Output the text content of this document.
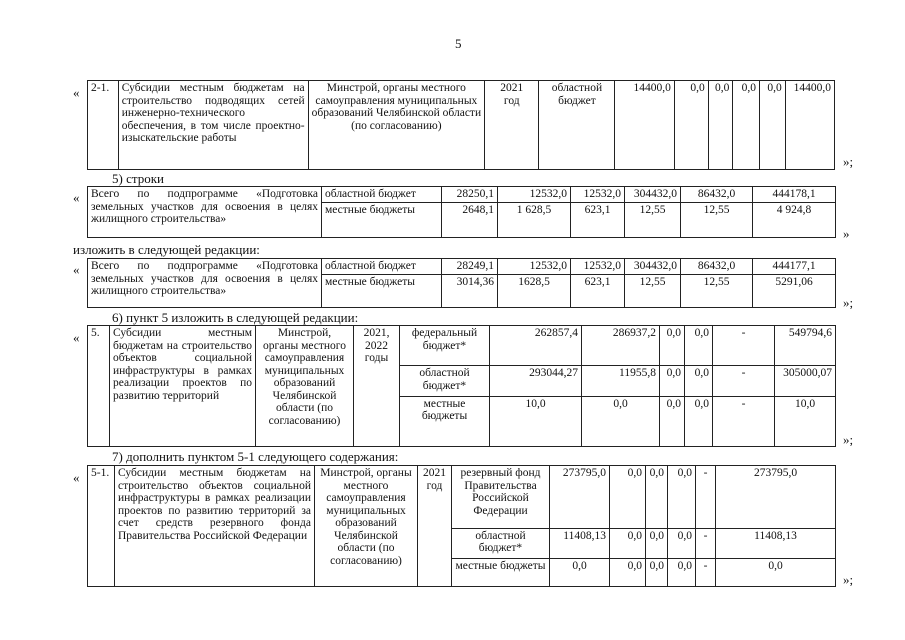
5
« 2-1.	Субсидии местным бюджетам на строительство подводящих сетей инженерно-технического обеспечения, в том числе проектно-изыскательские работы	Минстрой, органы местного самоуправления муниципальных образований Челябинской области (по согласованию)	2021
год	областной бюджет	14400,0	0,0	0,0	0,0	0,0	14400,0
»;
5) строки
« Всего по подпрограмме «Подготовка земельных участков для освоения в целях жилищного строительства»	областной бюджет	28250,1	12532,0	12532,0	304432,0	86432,0	444178,1
	местные бюджеты	2648,1	1 628,5	623,1	12,55	12,55	4 924,8
»
изложить в следующей редакции:
« Всего по подпрограмме «Подготовка земельных участков для освоения в целях жилищного строительства»	областной бюджет	28249,1	12532,0	12532,0	304432,0	86432,0	444177,1
	местные бюджеты	3014,36	1628,5	623,1	12,55	12,55	5291,06
»;
6) пункт 5 изложить в следующей редакции:
« 5.	Субсидии местным бюджетам на строительство объектов социальной инфраструктуры в рамках реализации проектов по развитию территорий	Минстрой, органы местного самоуправления муниципальных образований Челябинской области (по согласованию)	2021,
2022
годы	федеральный бюджет*	262857,4	286937,2	0,0	0,0	-	549794,6
				областной бюджет*	293044,27	11955,8	0,0	0,0	-	305000,07
				местные бюджеты	10,0	0,0	0,0	0,0	-	10,0
»;
7) дополнить пунктом 5-1 следующего содержания:
« 5-1.	Субсидии местным бюджетам на строительство объектов социальной инфраструктуры в рамках реализации проектов по развитию территорий за счет средств резервного фонда Правительства Российской Федерации	Минстрой, органы местного самоуправления муниципальных образований Челябинской области (по согласованию)	2021
год	резервный фонд Правительства Российской Федерации	273795,0	0,0	0,0	0,0	-	273795,0
				областной бюджет*	11408,13	0,0	0,0	0,0	-	11408,13
				местные бюджеты	0,0	0,0	0,0	0,0	-	0,0
»;
